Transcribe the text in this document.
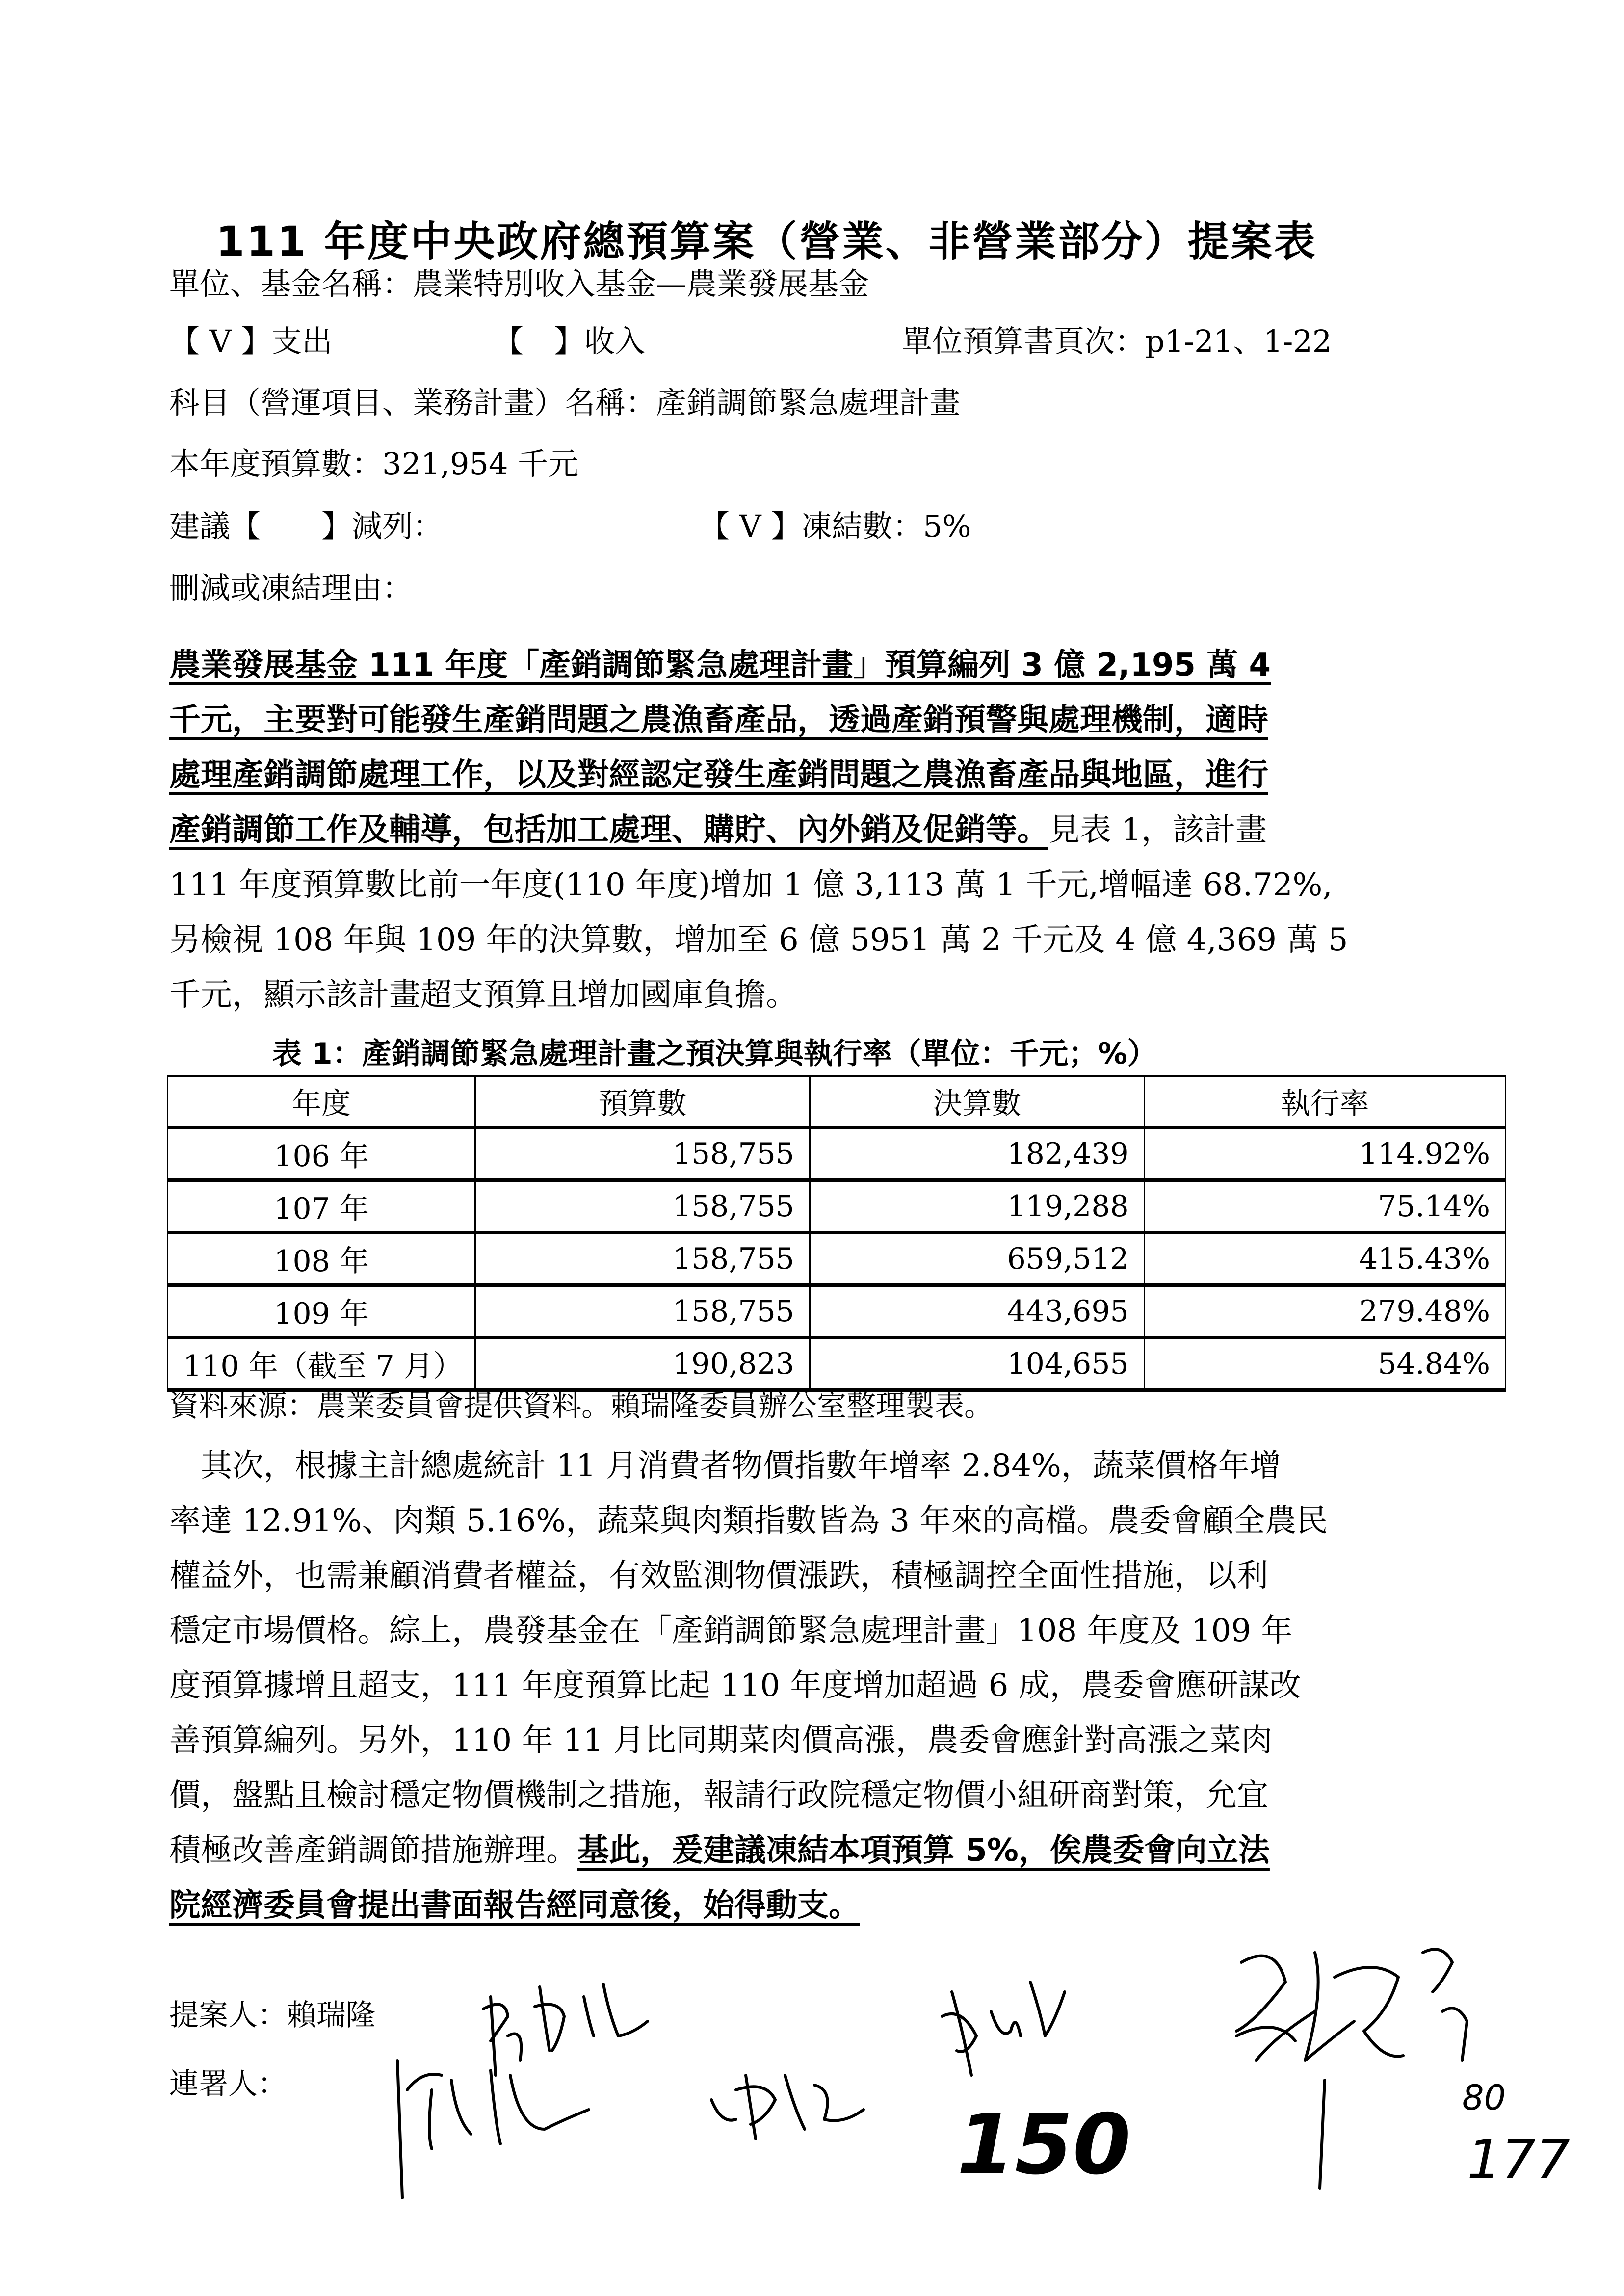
111 年度中央政府總預算案（營業、非營業部分）提案表
單位、基金名稱：農業特別收入基金—農業發展基金
【 V 】支出	【　】收入	單位預算書頁次：p1-21、1-22
科目（營運項目、業務計畫）名稱：產銷調節緊急處理計畫
本年度預算數：321,954 千元
建議【　　】減列：	【 V 】凍結數：5%
刪減或凍結理由：
農業發展基金 111 年度「產銷調節緊急處理計畫」預算編列 3 億 2,195 萬 4
千元，主要對可能發生產銷問題之農漁畜產品，透過產銷預警與處理機制，適時
處理產銷調節處理工作，以及對經認定發生產銷問題之農漁畜產品與地區，進行
產銷調節工作及輔導，包括加工處理、購貯、內外銷及促銷等。見表 1，該計畫
111 年度預算數比前一年度(110 年度)增加 1 億 3,113 萬 1 千元,增幅達 68.72%,
另檢視 108 年與 109 年的決算數，增加至 6 億 5951 萬 2 千元及 4 億 4,369 萬 5
千元，顯示該計畫超支預算且增加國庫負擔。
表 1：產銷調節緊急處理計畫之預決算與執行率（單位：千元；%）
年度	預算數	決算數	執行率
106 年	158,755	182,439	114.92%
107 年	158,755	119,288	75.14%
108 年	158,755	659,512	415.43%
109 年	158,755	443,695	279.48%
110 年（截至 7 月）	190,823	104,655	54.84%
資料來源：農業委員會提供資料。賴瑞隆委員辦公室整理製表。
　其次，根據主計總處統計 11 月消費者物價指數年增率 2.84%，蔬菜價格年增
率達 12.91%、肉類 5.16%，蔬菜與肉類指數皆為 3 年來的高檔。農委會顧全農民
權益外，也需兼顧消費者權益，有效監測物價漲跌，積極調控全面性措施，以利
穩定市場價格。綜上，農發基金在「產銷調節緊急處理計畫」108 年度及 109 年
度預算據增且超支，111 年度預算比起 110 年度增加超過 6 成，農委會應研謀改
善預算編列。另外，110 年 11 月比同期菜肉價高漲，農委會應針對高漲之菜肉
價，盤點且檢討穩定物價機制之措施，報請行政院穩定物價小組研商對策，允宜
積極改善產銷調節措施辦理。基此，爰建議凍結本項預算 5%，俟農委會向立法
院經濟委員會提出書面報告經同意後，始得動支。
提案人：賴瑞隆
連署人：
150	80
177
